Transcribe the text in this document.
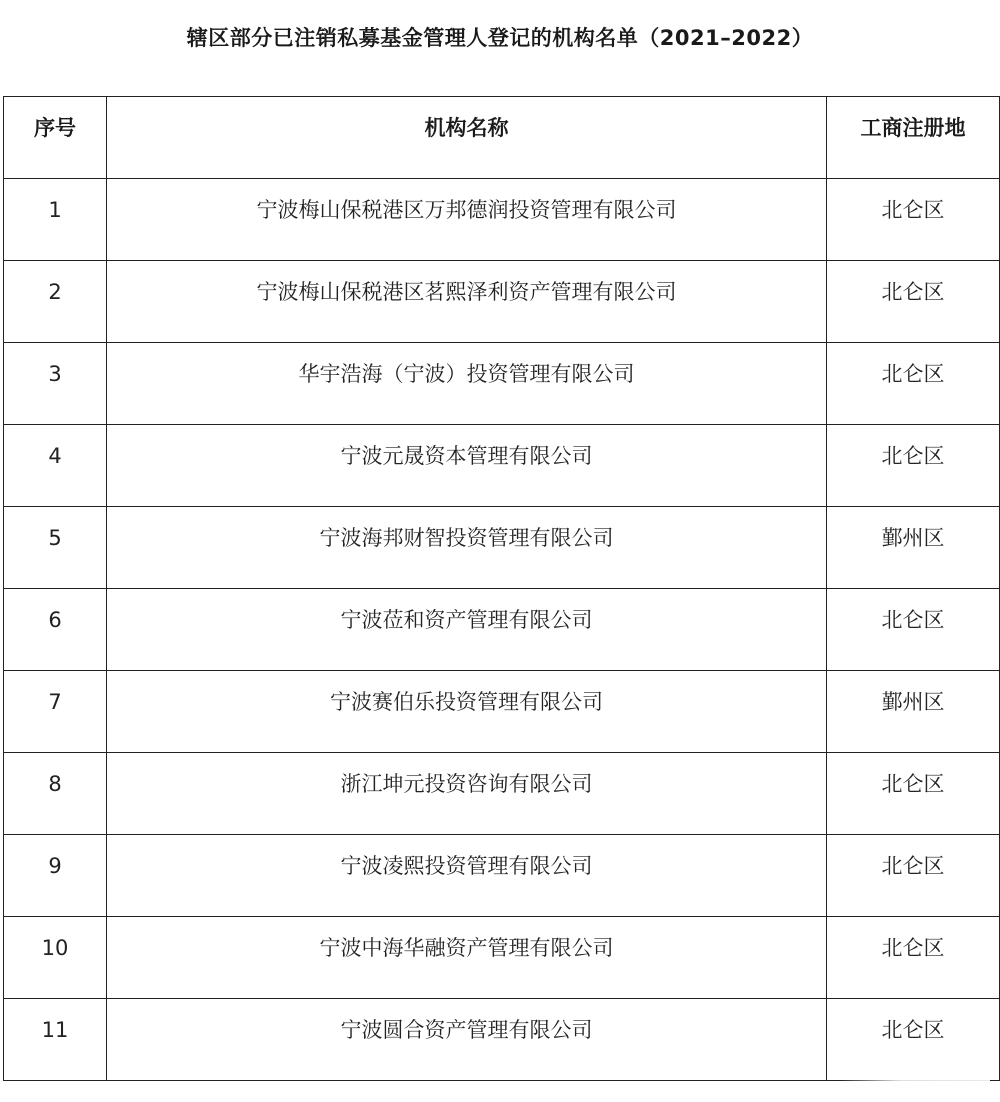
辖区部分已注销私募基金管理人登记的机构名单（2021–2022）
序号	机构名称	工商注册地
1	宁波梅山保税港区万邦德润投资管理有限公司	北仑区
2	宁波梅山保税港区茗熙泽利资产管理有限公司	北仑区
3	华宇浩海（宁波）投资管理有限公司	北仑区
4	宁波元晟资本管理有限公司	北仑区
5	宁波海邦财智投资管理有限公司	鄞州区
6	宁波莅和资产管理有限公司	北仑区
7	宁波赛伯乐投资管理有限公司	鄞州区
8	浙江坤元投资咨询有限公司	北仑区
9	宁波凌熙投资管理有限公司	北仑区
10	宁波中海华融资产管理有限公司	北仑区
11	宁波圆合资产管理有限公司	北仑区
